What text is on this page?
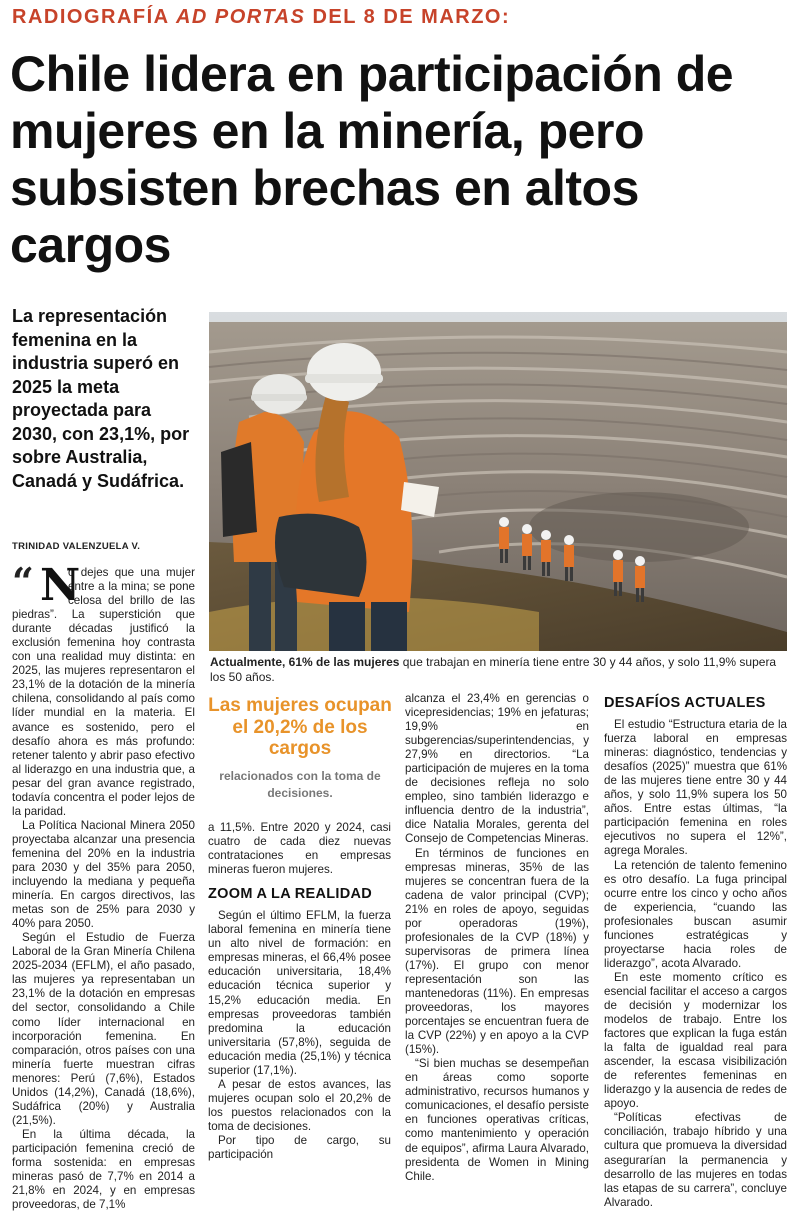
RADIOGRAFÍA AD PORTAS DEL 8 DE MARZO:
Chile lidera en participación de mujeres en la minería, pero subsisten brechas en altos cargos
La representación femenina en la industria superó en 2025 la meta proyectada para 2030, con 23,1%, por sobre Australia, Canadá y Sudáfrica.
TRINIDAD VALENZUELA V.

Actualmente, 61% de las mujeres que trabajan en minería tiene entre 30 y 44 años, y solo 11,9% supera los 50 años.

“ N

o dejes que una mujer entre a la mina; se pone celosa del brillo de las piedras”. La superstición que durante décadas justificó la exclusión femenina hoy contrasta con una realidad muy distinta: en 2025, las mujeres representaron el 23,1% de la dotación de la minería chilena, consolidando al país como líder mundial en la materia. El avance es sostenido, pero el desafío ahora es más profundo: retener talento y abrir paso efectivo al liderazgo en una industria que, a pesar del gran avance registrado, todavía concentra el poder lejos de la paridad.

La Política Nacional Minera 2050 proyectaba alcanzar una presencia femenina del 20% en la industria para 2030 y del 35% para 2050, incluyendo la mediana y pequeña minería. En cargos directivos, las metas son de 25% para 2030 y 40% para 2050.

Según el Estudio de Fuerza Laboral de la Gran Minería Chilena 2025-2034 (EFLM), el año pasado, las mujeres ya representaban un 23,1% de la dotación en empresas del sector, consolidando a Chile como líder internacional en incorporación femenina. En comparación, otros países con una minería fuerte muestran cifras menores: Perú (7,6%), Estados Unidos (14,2%), Canadá (18,6%), Sudáfrica (20%) y Australia (21,5%).

En la última década, la participación femenina creció de forma sostenida: en empresas mineras pasó de 7,7% en 2014 a 21,8% en 2024, y en empresas proveedoras, de 7,1%

Las mujeres ocupan el 20,2% de los cargos
relacionados con la toma de decisiones.

a 11,5%. Entre 2020 y 2024, casi cuatro de cada diez nuevas contrataciones en empresas mineras fueron mujeres.

ZOOM A LA REALIDAD

Según el último EFLM, la fuerza laboral femenina en minería tiene un alto nivel de formación: en empresas mineras, el 66,4% posee educación universitaria, 18,4% educación técnica superior y 15,2% educación media. En empresas proveedoras también predomina la educación universitaria (57,8%), seguida de educación media (25,1%) y técnica superior (17,1%).

A pesar de estos avances, las mujeres ocupan solo el 20,2% de los puestos relacionados con la toma de decisiones.

Por tipo de cargo, su participación

alcanza el 23,4% en gerencias o vicepresidencias; 19% en jefaturas; 19,9% en subgerencias/superintendencias, y 27,9% en directorios. “La participación de mujeres en la toma de decisiones refleja no solo empleo, sino también liderazgo e influencia dentro de la industria”, dice Natalia Morales, gerenta del Consejo de Competencias Mineras.

En términos de funciones en empresas mineras, 35% de las mujeres se concentran fuera de la cadena de valor principal (CVP); 21% en roles de apoyo, seguidas por operadoras (19%), profesionales de la CVP (18%) y supervisoras de primera línea (17%). El grupo con menor representación son las mantenedoras (11%). En empresas proveedoras, los mayores porcentajes se encuentran fuera de la CVP (22%) y en apoyo a la CVP (15%).

“Si bien muchas se desempeñan en áreas como soporte administrativo, recursos humanos y comunicaciones, el desafío persiste en funciones operativas críticas, como mantenimiento y operación de equipos”, afirma Laura Alvarado, presidenta de Women in Mining Chile.

DESAFÍOS ACTUALES

El estudio “Estructura etaria de la fuerza laboral en empresas mineras: diagnóstico, tendencias y desafíos (2025)” muestra que 61% de las mujeres tiene entre 30 y 44 años, y solo 11,9% supera los 50 años. Entre estas últimas, “la participación femenina en roles ejecutivos no supera el 12%”, agrega Morales.

La retención de talento femenino es otro desafío. La fuga principal ocurre entre los cinco y ocho años de experiencia, “cuando las profesionales buscan asumir funciones estratégicas y proyectarse hacia roles de liderazgo”, acota Alvarado.

En este momento crítico es esencial facilitar el acceso a cargos de decisión y modernizar los modelos de trabajo. Entre los factores que explican la fuga están la falta de igualdad real para ascender, la escasa visibilización de referentes femeninas en liderazgo y la ausencia de redes de apoyo.

“Políticas efectivas de conciliación, trabajo híbrido y una cultura que promueva la diversidad asegurarían la permanencia y desarrollo de las mujeres en todas las etapas de su carrera”, concluye Alvarado.
